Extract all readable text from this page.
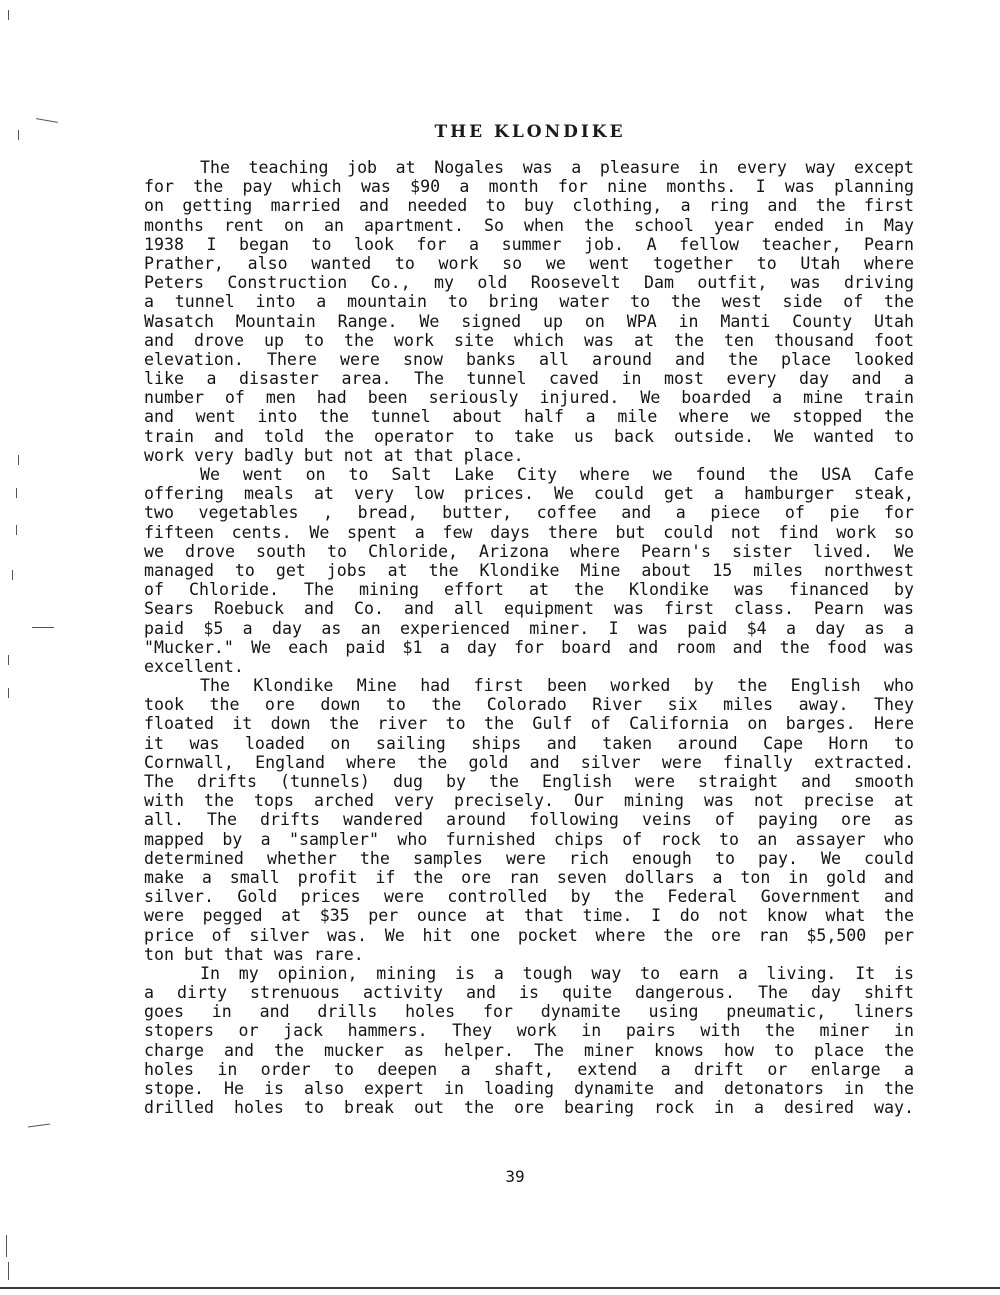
THE KLONDIKE
The teaching job at Nogales was a pleasure in every way except
for the pay which was $90 a month for nine months. I was planning
on getting married and needed to buy clothing, a ring and the first
months rent on an apartment. So when the school year ended in May
1938 I began to look for a summer job. A fellow teacher, Pearn
Prather, also wanted to work so we went together to Utah where
Peters Construction Co., my old Roosevelt Dam outfit, was driving
a tunnel into a mountain to bring water to the west side of the
Wasatch Mountain Range. We signed up on WPA in Manti County Utah
and drove up to the work site which was at the ten thousand foot
elevation. There were snow banks all around and the place looked
like a disaster area. The tunnel caved in most every day and a
number of men had been seriously injured. We boarded a mine train
and went into the tunnel about half a mile where we stopped the
train and told the operator to take us back outside. We wanted to
work very badly but not at that place.
We went on to Salt Lake City where we found the USA Cafe
offering meals at very low prices. We could get a hamburger steak,
two vegetables , bread, butter, coffee and a piece of pie for
fifteen cents. We spent a few days there but could not find work so
we drove south to Chloride, Arizona where Pearn's sister lived. We
managed to get jobs at the Klondike Mine about 15 miles northwest
of Chloride. The mining effort at the Klondike was financed by
Sears Roebuck and Co. and all equipment was first class. Pearn was
paid $5 a day as an experienced miner. I was paid $4 a day as a
"Mucker." We each paid $1 a day for board and room and the food was
excellent.
The Klondike Mine had first been worked by the English who
took the ore down to the Colorado River six miles away. They
floated it down the river to the Gulf of California on barges. Here
it was loaded on sailing ships and taken around Cape Horn to
Cornwall, England where the gold and silver were finally extracted.
The drifts (tunnels) dug by the English were straight and smooth
with the tops arched very precisely. Our mining was not precise at
all. The drifts wandered around following veins of paying ore as
mapped by a "sampler" who furnished chips of rock to an assayer who
determined whether the samples were rich enough to pay. We could
make a small profit if the ore ran seven dollars a ton in gold and
silver. Gold prices were controlled by the Federal Government and
were pegged at $35 per ounce at that time. I do not know what the
price of silver was. We hit one pocket where the ore ran $5,500 per
ton but that was rare.
In my opinion, mining is a tough way to earn a living. It is
a dirty strenuous activity and is quite dangerous. The day shift
goes in and drills holes for dynamite using pneumatic, liners
stopers or jack hammers. They work in pairs with the miner in
charge and the mucker as helper. The miner knows how to place the
holes in order to deepen a shaft, extend a drift or enlarge a
stope. He is also expert in loading dynamite and detonators in the
drilled holes to break out the ore bearing rock in a desired way.
39
